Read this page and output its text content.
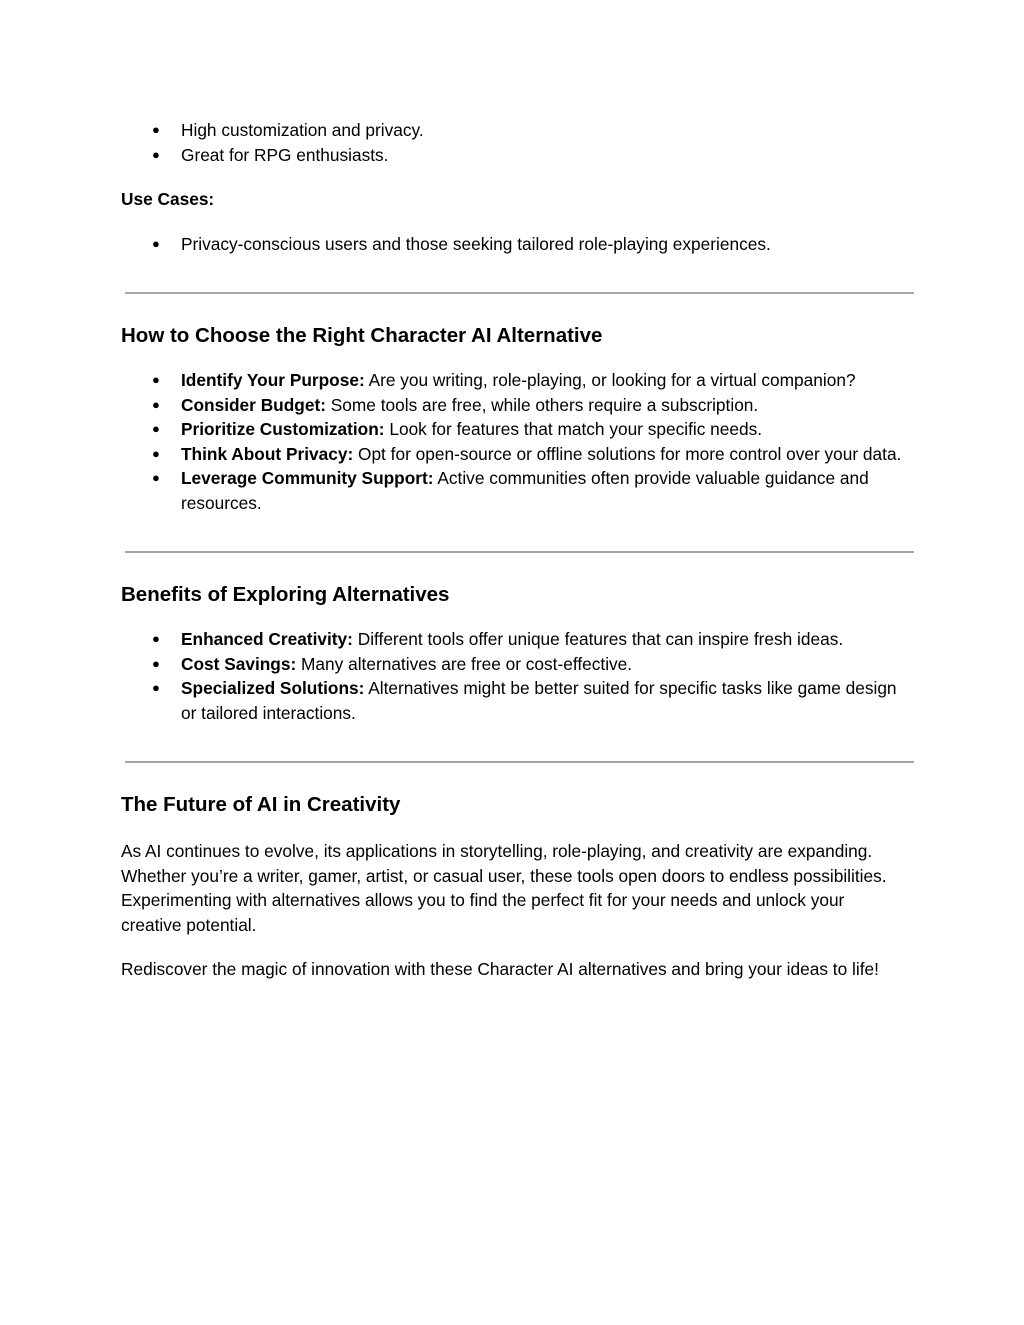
● High customization and privacy.
● Great for RPG enthusiasts.

Use Cases:

● Privacy-conscious users and those seeking tailored role-playing experiences.
How to Choose the Right Character AI Alternative
● Identify Your Purpose: Are you writing, role-playing, or looking for a virtual companion?
● Consider Budget: Some tools are free, while others require a subscription.
● Prioritize Customization: Look for features that match your specific needs.
● Think About Privacy: Opt for open-source or offline solutions for more control over your data.
● Leverage Community Support: Active communities often provide valuable guidance and resources.
Benefits of Exploring Alternatives
● Enhanced Creativity: Different tools offer unique features that can inspire fresh ideas.
● Cost Savings: Many alternatives are free or cost-effective.
● Specialized Solutions: Alternatives might be better suited for specific tasks like game design or tailored interactions.
The Future of AI in Creativity

As AI continues to evolve, its applications in storytelling, role-playing, and creativity are expanding. Whether you’re a writer, gamer, artist, or casual user, these tools open doors to endless possibilities. Experimenting with alternatives allows you to find the perfect fit for your needs and unlock your creative potential.

Rediscover the magic of innovation with these Character AI alternatives and bring your ideas to life!
